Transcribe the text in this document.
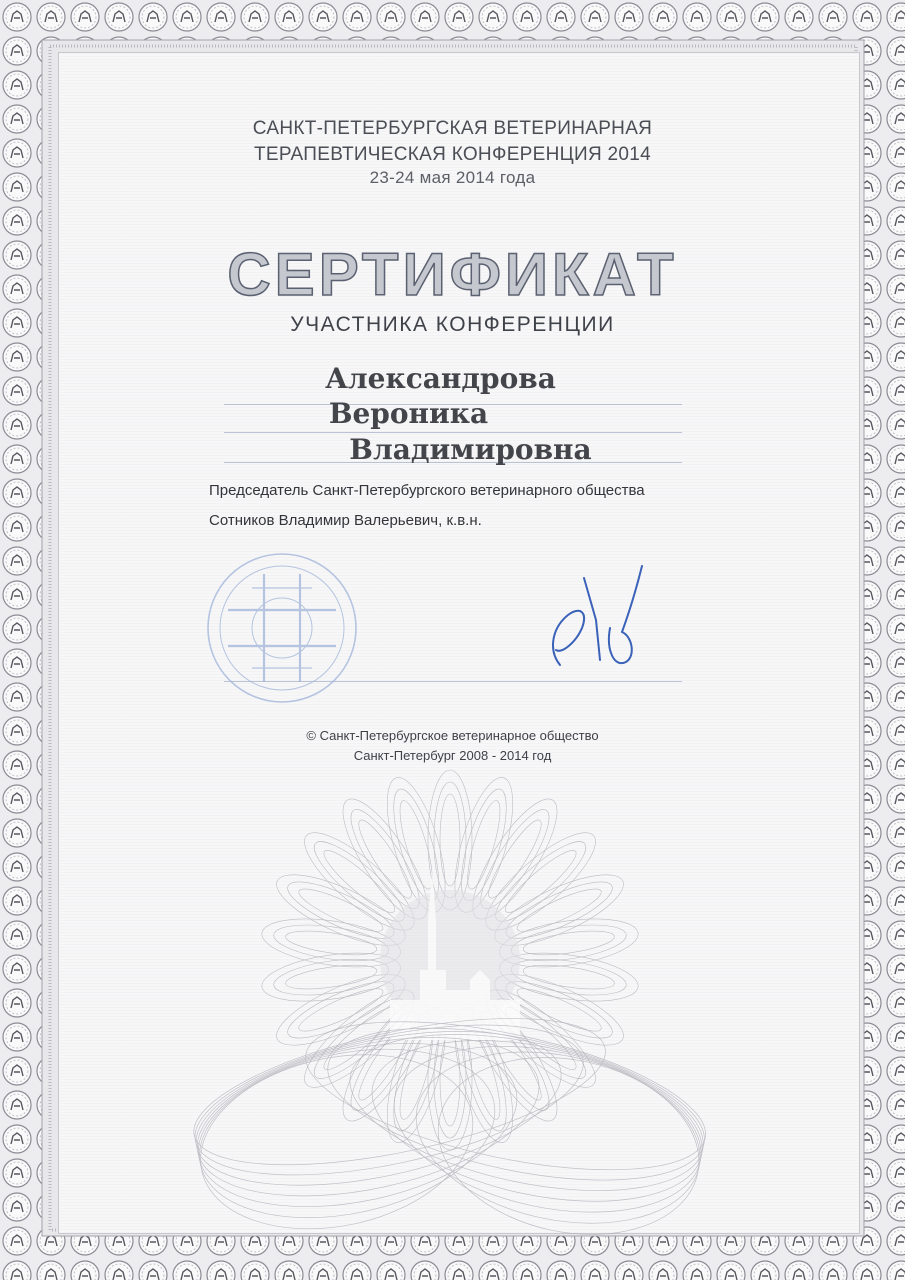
САНКТ-ПЕТЕРБУРГСКАЯ ВЕТЕРИНАРНАЯ
ТЕРАПЕВТИЧЕСКАЯ КОНФЕРЕНЦИЯ 2014
23-24 мая 2014 года
СЕРТИФИКАТ
УЧАСТНИКА КОНФЕРЕНЦИИ
Александрова
Вероника
Владимировна
Председатель Санкт-Петербургского ветеринарного общества
Сотников Владимир Валерьевич, к.в.н.
© Санкт-Петербургское ветеринарное общество
Санкт-Петербург 2008 - 2014 год
